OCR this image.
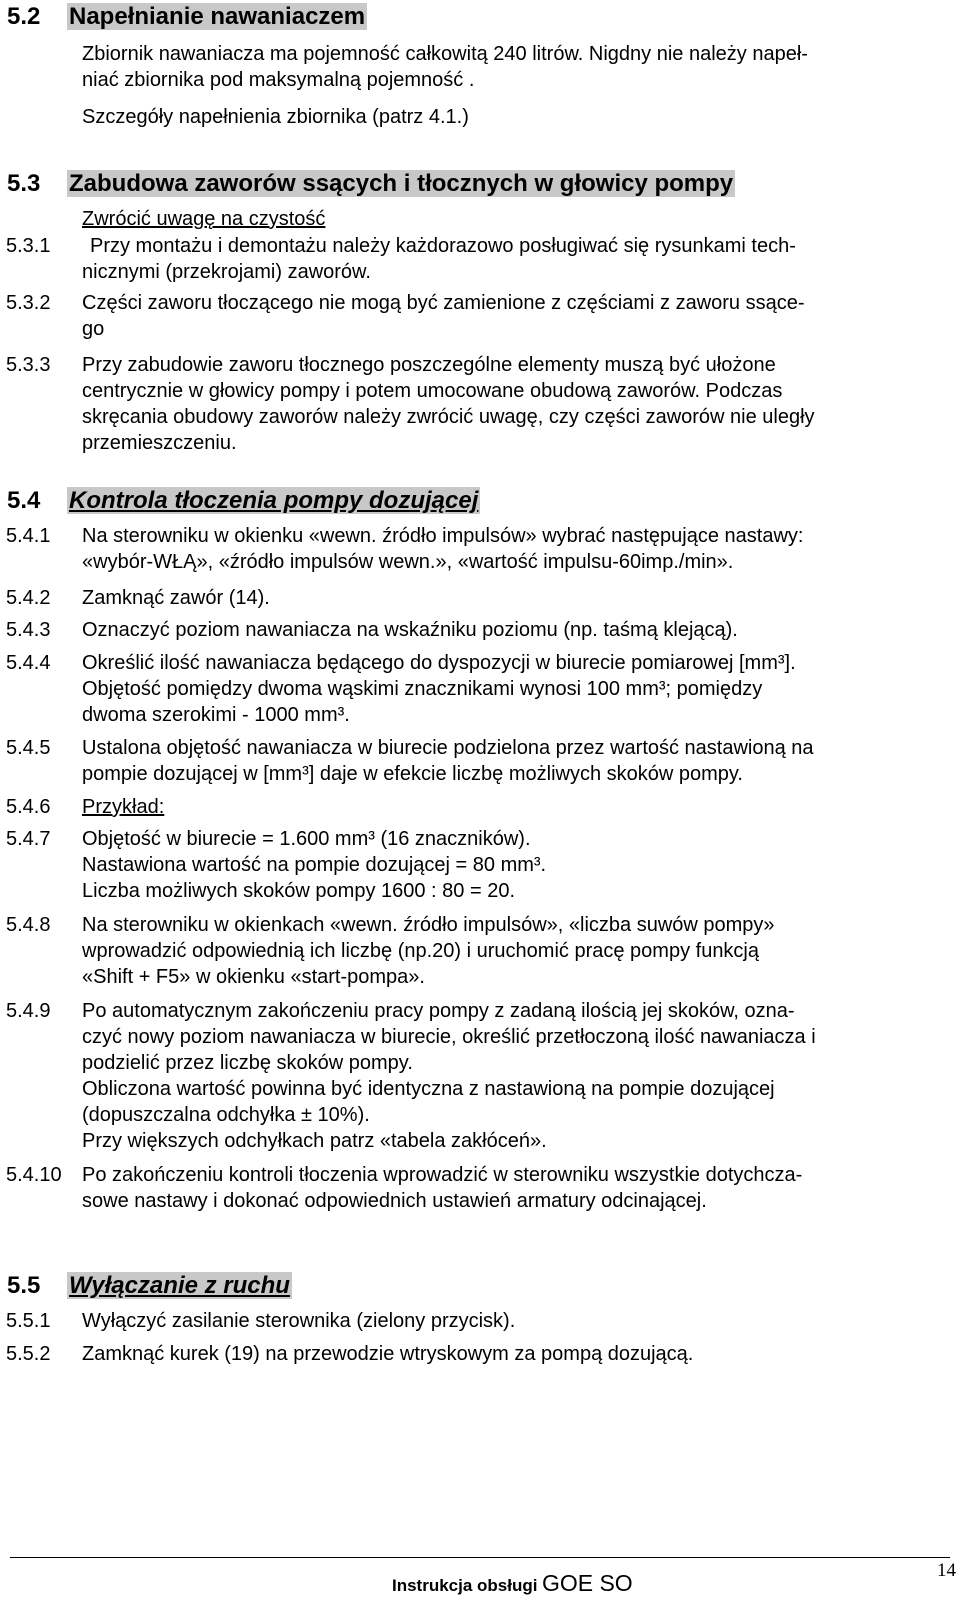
5.2 Napełnianie nawaniaczem
Zbiornik nawaniacza ma pojemność całkowitą 240 litrów. Nigdny nie należy napeł-
niać zbiornika pod maksymalną pojemność .
Szczegóły napełnienia zbiornika (patrz 4.1.)
5.3 Zabudowa zaworów ssących i tłocznych w głowicy pompy
Zwrócić uwagę na czystość
5.3.1 Przy montażu i demontażu należy każdorazowo posługiwać się rysunkami tech-
nicznymi (przekrojami) zaworów.
5.3.2 Części zaworu tłoczącego nie mogą być zamienione z częściami z zaworu ssące-
go
5.3.3 Przy zabudowie zaworu tłocznego poszczególne elementy muszą być ułożone
centrycznie w głowicy pompy i potem umocowane obudową zaworów. Podczas
skręcania obudowy zaworów należy zwrócić uwagę, czy części zaworów nie uległy
przemieszczeniu.
5.4 Kontrola tłoczenia pompy dozującej
5.4.1 Na sterowniku w okienku «wewn. źródło impulsów» wybrać następujące nastawy:
«wybór-WŁĄ», «źródło impulsów wewn.», «wartość impulsu-60imp./min».
5.4.2 Zamknąć zawór (14).
5.4.3 Oznaczyć poziom nawaniacza na wskaźniku poziomu (np. taśmą klejącą).
5.4.4 Określić ilość nawaniacza będącego do dyspozycji w biurecie pomiarowej [mm³].
Objętość pomiędzy dwoma wąskimi znacznikami wynosi 100 mm³; pomiędzy
dwoma szerokimi - 1000 mm³.
5.4.5 Ustalona objętość nawaniacza w biurecie podzielona przez wartość nastawioną na
pompie dozującej w [mm³] daje w efekcie liczbę możliwych skoków pompy.
5.4.6 Przykład:
5.4.7 Objętość w biurecie = 1.600 mm³ (16 znaczników).
Nastawiona wartość na pompie dozującej = 80 mm³.
Liczba możliwych skoków pompy 1600 : 80 = 20.
5.4.8 Na sterowniku w okienkach «wewn. źródło impulsów», «liczba suwów pompy»
wprowadzić odpowiednią ich liczbę (np.20) i uruchomić pracę pompy funkcją
«Shift + F5» w okienku «start-pompa».
5.4.9 Po automatycznym zakończeniu pracy pompy z zadaną ilością jej skoków, ozna-
czyć nowy poziom nawaniacza w biurecie, określić przetłoczoną ilość nawaniacza i
podzielić przez liczbę skoków pompy.
Obliczona wartość powinna być identyczna z nastawioną na pompie dozującej
(dopuszczalna odchyłka ± 10%).
Przy większych odchyłkach patrz «tabela zakłóceń».
5.4.10 Po zakończeniu kontroli tłoczenia wprowadzić w sterowniku wszystkie dotychcza-
sowe nastawy i dokonać odpowiednich ustawień armatury odcinającej.
5.5 Wyłączanie z ruchu
5.5.1 Wyłączyć zasilanie sterownika (zielony przycisk).
5.5.2 Zamknąć kurek (19) na przewodzie wtryskowym za pompą dozującą.
Instrukcja obsługi GOE SO	14
